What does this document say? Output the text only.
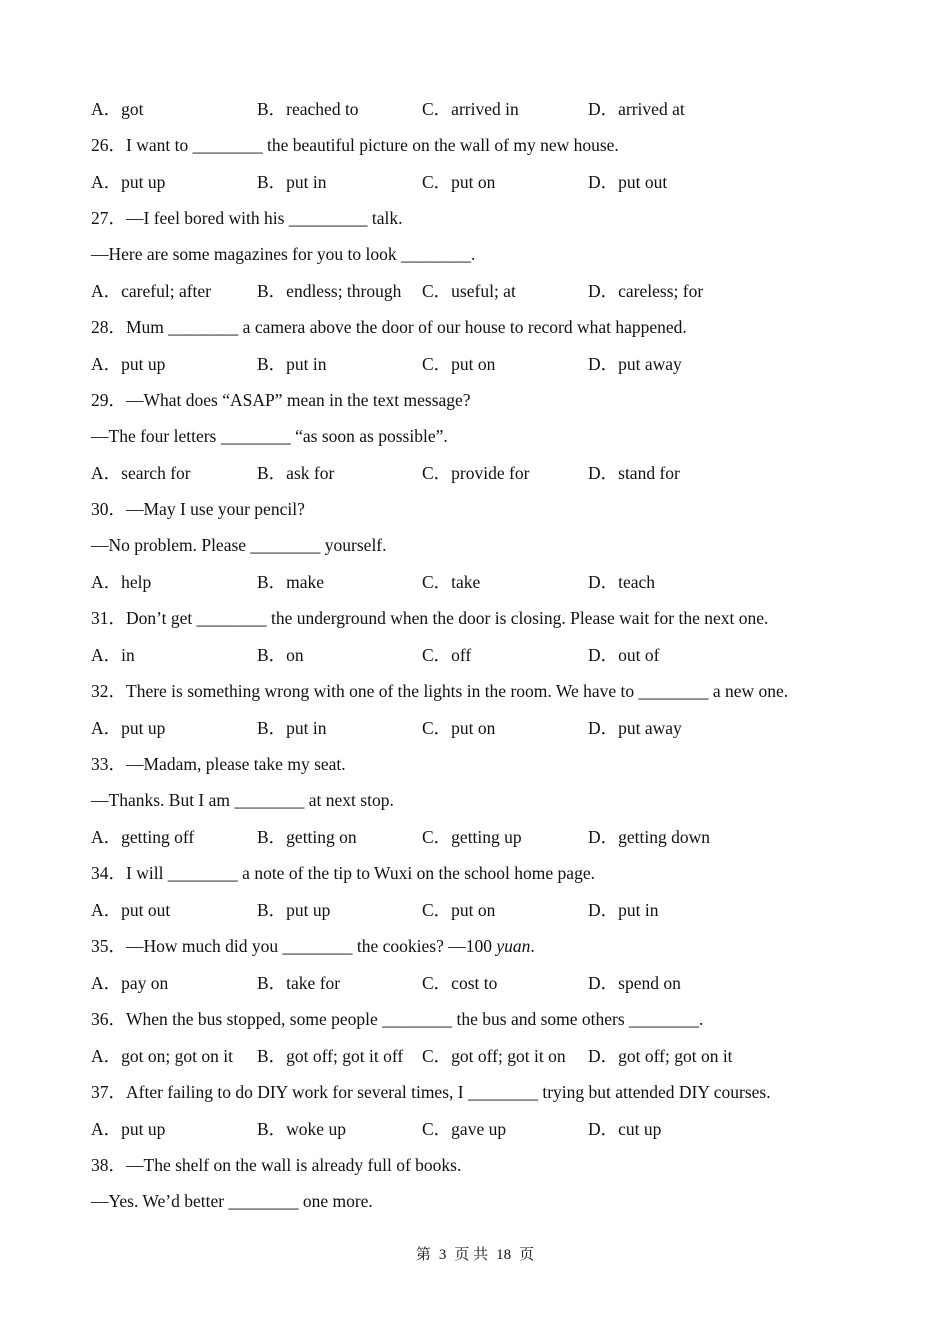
A．got	B．reached to	C．arrived in	D．arrived at
26．I want to ________ the beautiful picture on the wall of my new house.
A．put up	B．put in	C．put on	D．put out
27．—I feel bored with his _________ talk.
—Here are some magazines for you to look ________.
A．careful; after	B．endless; through C．useful; at	D．careless; for
28．Mum ________ a camera above the door of our house to record what happened.
A．put up	B．put in	C．put on	D．put away
29．—What does “ASAP” mean in the text message?
—The four letters ________ “as soon as possible”.
A．search for	B．ask for	C．provide for	D．stand for
30．—May I use your pencil?
—No problem. Please ________ yourself.
A．help	B．make	C．take	D．teach
31．Don’t get ________ the underground when the door is closing. Please wait for the next one.
A．in	B．on	C．off	D．out of
32．There is something wrong with one of the lights in the room. We have to ________ a new one.
A．put up	B．put in	C．put on	D．put away
33．—Madam, please take my seat.
—Thanks. But I am ________ at next stop.
A．getting off	B．getting on	C．getting up	D．getting down
34．I will ________ a note of the tip to Wuxi on the school home page.
A．put out	B．put up	C．put on	D．put in
35．—How much did you ________ the cookies? —100 yuan.
A．pay on	B．take for	C．cost to	D．spend on
36．When the bus stopped, some people ________ the bus and some others ________.
A．got on; got on it B．got off; got it off C．got off; got it on D．got off; got on it
37．After failing to do DIY work for several times, I ________ trying but attended DIY courses.
A．put up	B．woke up	C．gave up	D．cut up
38．—The shelf on the wall is already full of books.
—Yes. We’d better ________ one more.
第 3 页 共 18 页
